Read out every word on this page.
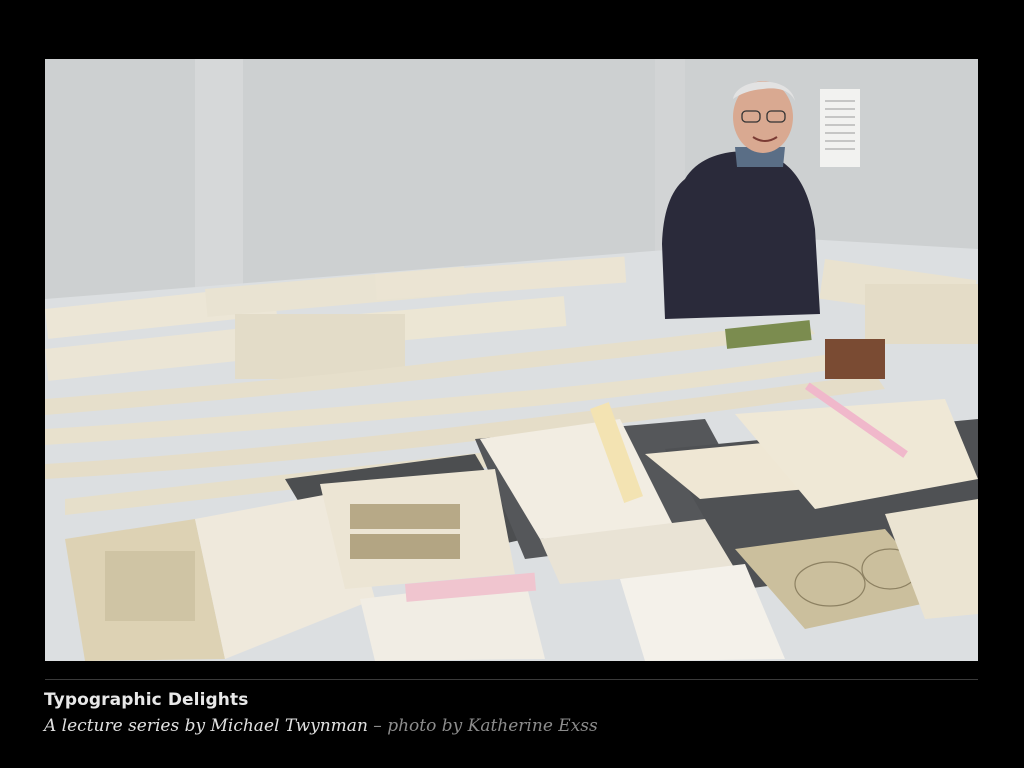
Typographic Delights
A lecture series by Michael Twynman – photo by Katherine Exss
